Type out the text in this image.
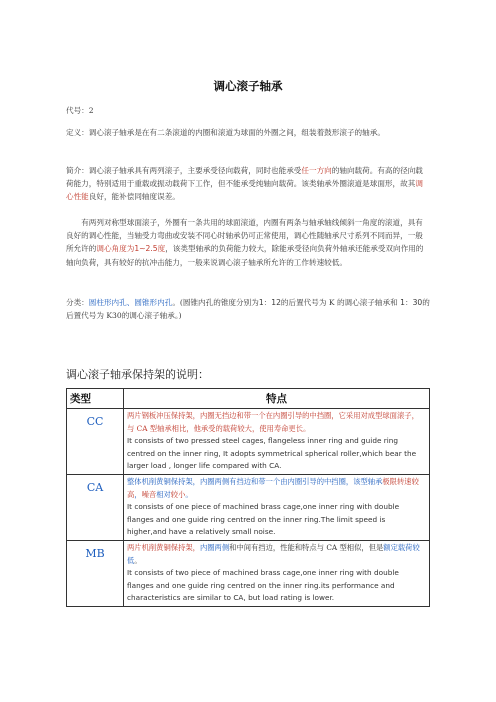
调心滚子轴承
代号：2
定义：调心滚子轴承是在有二条滚道的内圈和滚道为球面的外圈之间，组装着鼓形滚子的轴承。
简介：调心滚子轴承具有两列滚子，主要承受径向载荷，同时也能承受任一方向的轴向载荷。有高的径向载荷能力，特别适用于重载或振动载荷下工作，但不能承受纯轴向载荷。该类轴承外圈滚道是球面形，故其调心性能良好，能补偿同轴度误差。
有两列对称型球面滚子，外圈有一条共用的球面滚道，内圈有两条与轴承轴线倾斜一角度的滚道，具有良好的调心性能，当轴受力弯曲或安装不同心时轴承仍可正常使用，调心性随轴承尺寸系列不同而异，一般所允许的调心角度为1~2.5度，该类型轴承的负荷能力较大，除能承受径向负荷外轴承还能承受双向作用的轴向负荷，具有较好的抗冲击能力，一般来说调心滚子轴承所允许的工作转速较低。
分类：圆柱形内孔、圆锥形内孔。(圆锥内孔的锥度分别为1：12的后置代号为 K 的调心滚子轴承和 1：30的后置代号为 K30的调心滚子轴承。)
调心滚子轴承保持架的说明：
类型	特点
CC	两片钢板冲压保持架，内圈无挡边和带一个在内圈引导的中挡圈，它采用对成型球面滚子，与 CA 型轴承相比，他承受的载荷较大，使用寿命更长。
It consists of two pressed steel cages, flangeless inner ring and guide ring centred on the inner ring, It adopts symmetrical spherical roller,which bear the larger load , longer life compared with CA.
CA	整体机削黄铜保持架，内圈两侧有挡边和带一个由内圈引导的中挡圈，该型轴承极限转速较高，噪音相对较小。
It consists of one piece of machined brass cage,one inner ring with double flanges and one guide ring centred on the inner ring.The limit speed is higher,and have a relatively small noise.
MB	两片机削黄铜保持架，内圈两侧和中间有挡边，性能和特点与 CA 型相似，但是额定载荷较低。
It consists of two piece of machined brass cage,one inner ring with double flanges and one guide ring centred on the inner ring.its performance and characteristics are similar to CA, but load rating is lower.
